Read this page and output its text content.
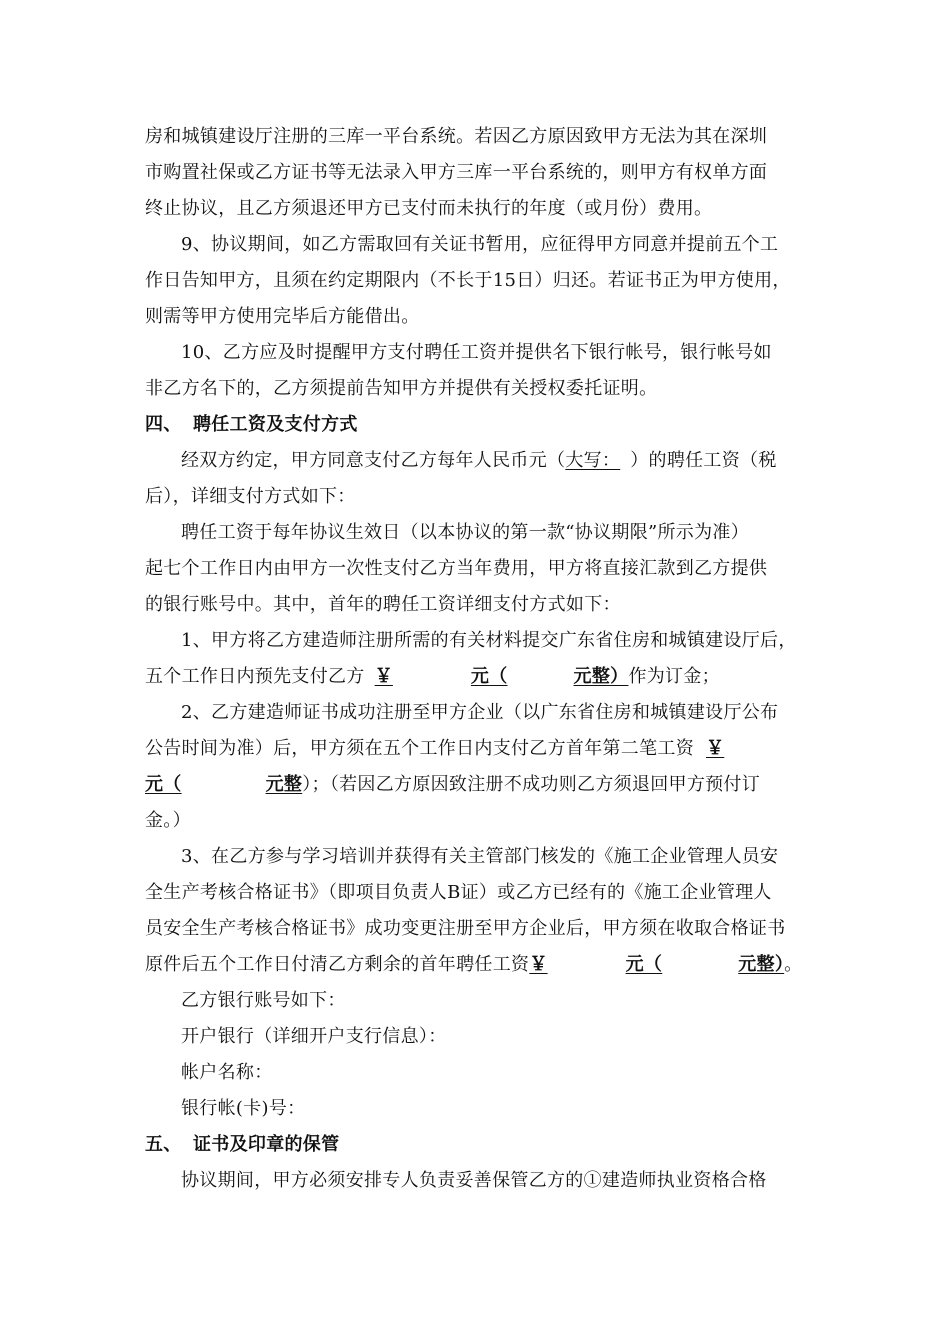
房和城镇建设厅注册的三库一平台系统。若因乙方原因致甲方无法为其在深圳
市购置社保或乙方证书等无法录入甲方三库一平台系统的，则甲方有权单方面
终止协议，且乙方须退还甲方已支付而未执行的年度（或月份）费用。
9、协议期间，如乙方需取回有关证书暂用，应征得甲方同意并提前五个工
作日告知甲方，且须在约定期限内（不长于15日）归还。若证书正为甲方使用，
则需等甲方使用完毕后方能借出。
10、乙方应及时提醒甲方支付聘任工资并提供名下银行帐号，银行帐号如
非乙方名下的，乙方须提前告知甲方并提供有关授权委托证明。
四、 聘任工资及支付方式
经双方约定，甲方同意支付乙方每年人民币元（大写： ）的聘任工资（税
后），详细支付方式如下：
聘任工资于每年协议生效日（以本协议的第一款“协议期限”所示为准）
起七个工作日内由甲方一次性支付乙方当年费用，甲方将直接汇款到乙方提供
的银行账号中。其中，首年的聘任工资详细支付方式如下：
1、甲方将乙方建造师注册所需的有关材料提交广东省住房和城镇建设厅后，
五个工作日内预先支付乙方 ￥	元（	元整）作为订金；
2、乙方建造师证书成功注册至甲方企业（以广东省住房和城镇建设厅公布
公告时间为准）后，甲方须在五个工作日内支付乙方首年第二笔工资 ￥
元（	元整）；（若因乙方原因致注册不成功则乙方须退回甲方预付订
金。）
3、在乙方参与学习培训并获得有关主管部门核发的《施工企业管理人员安
全生产考核合格证书》（即项目负责人B证）或乙方已经有的《施工企业管理人
员安全生产考核合格证书》成功变更注册至甲方企业后，甲方须在收取合格证书
原件后五个工作日付清乙方剩余的首年聘任工资￥	元（	元整）。
乙方银行账号如下：
开户银行（详细开户支行信息）：
帐户名称：
银行帐(卡)号：
五、 证书及印章的保管
协议期间，甲方必须安排专人负责妥善保管乙方的①建造师执业资格合格
